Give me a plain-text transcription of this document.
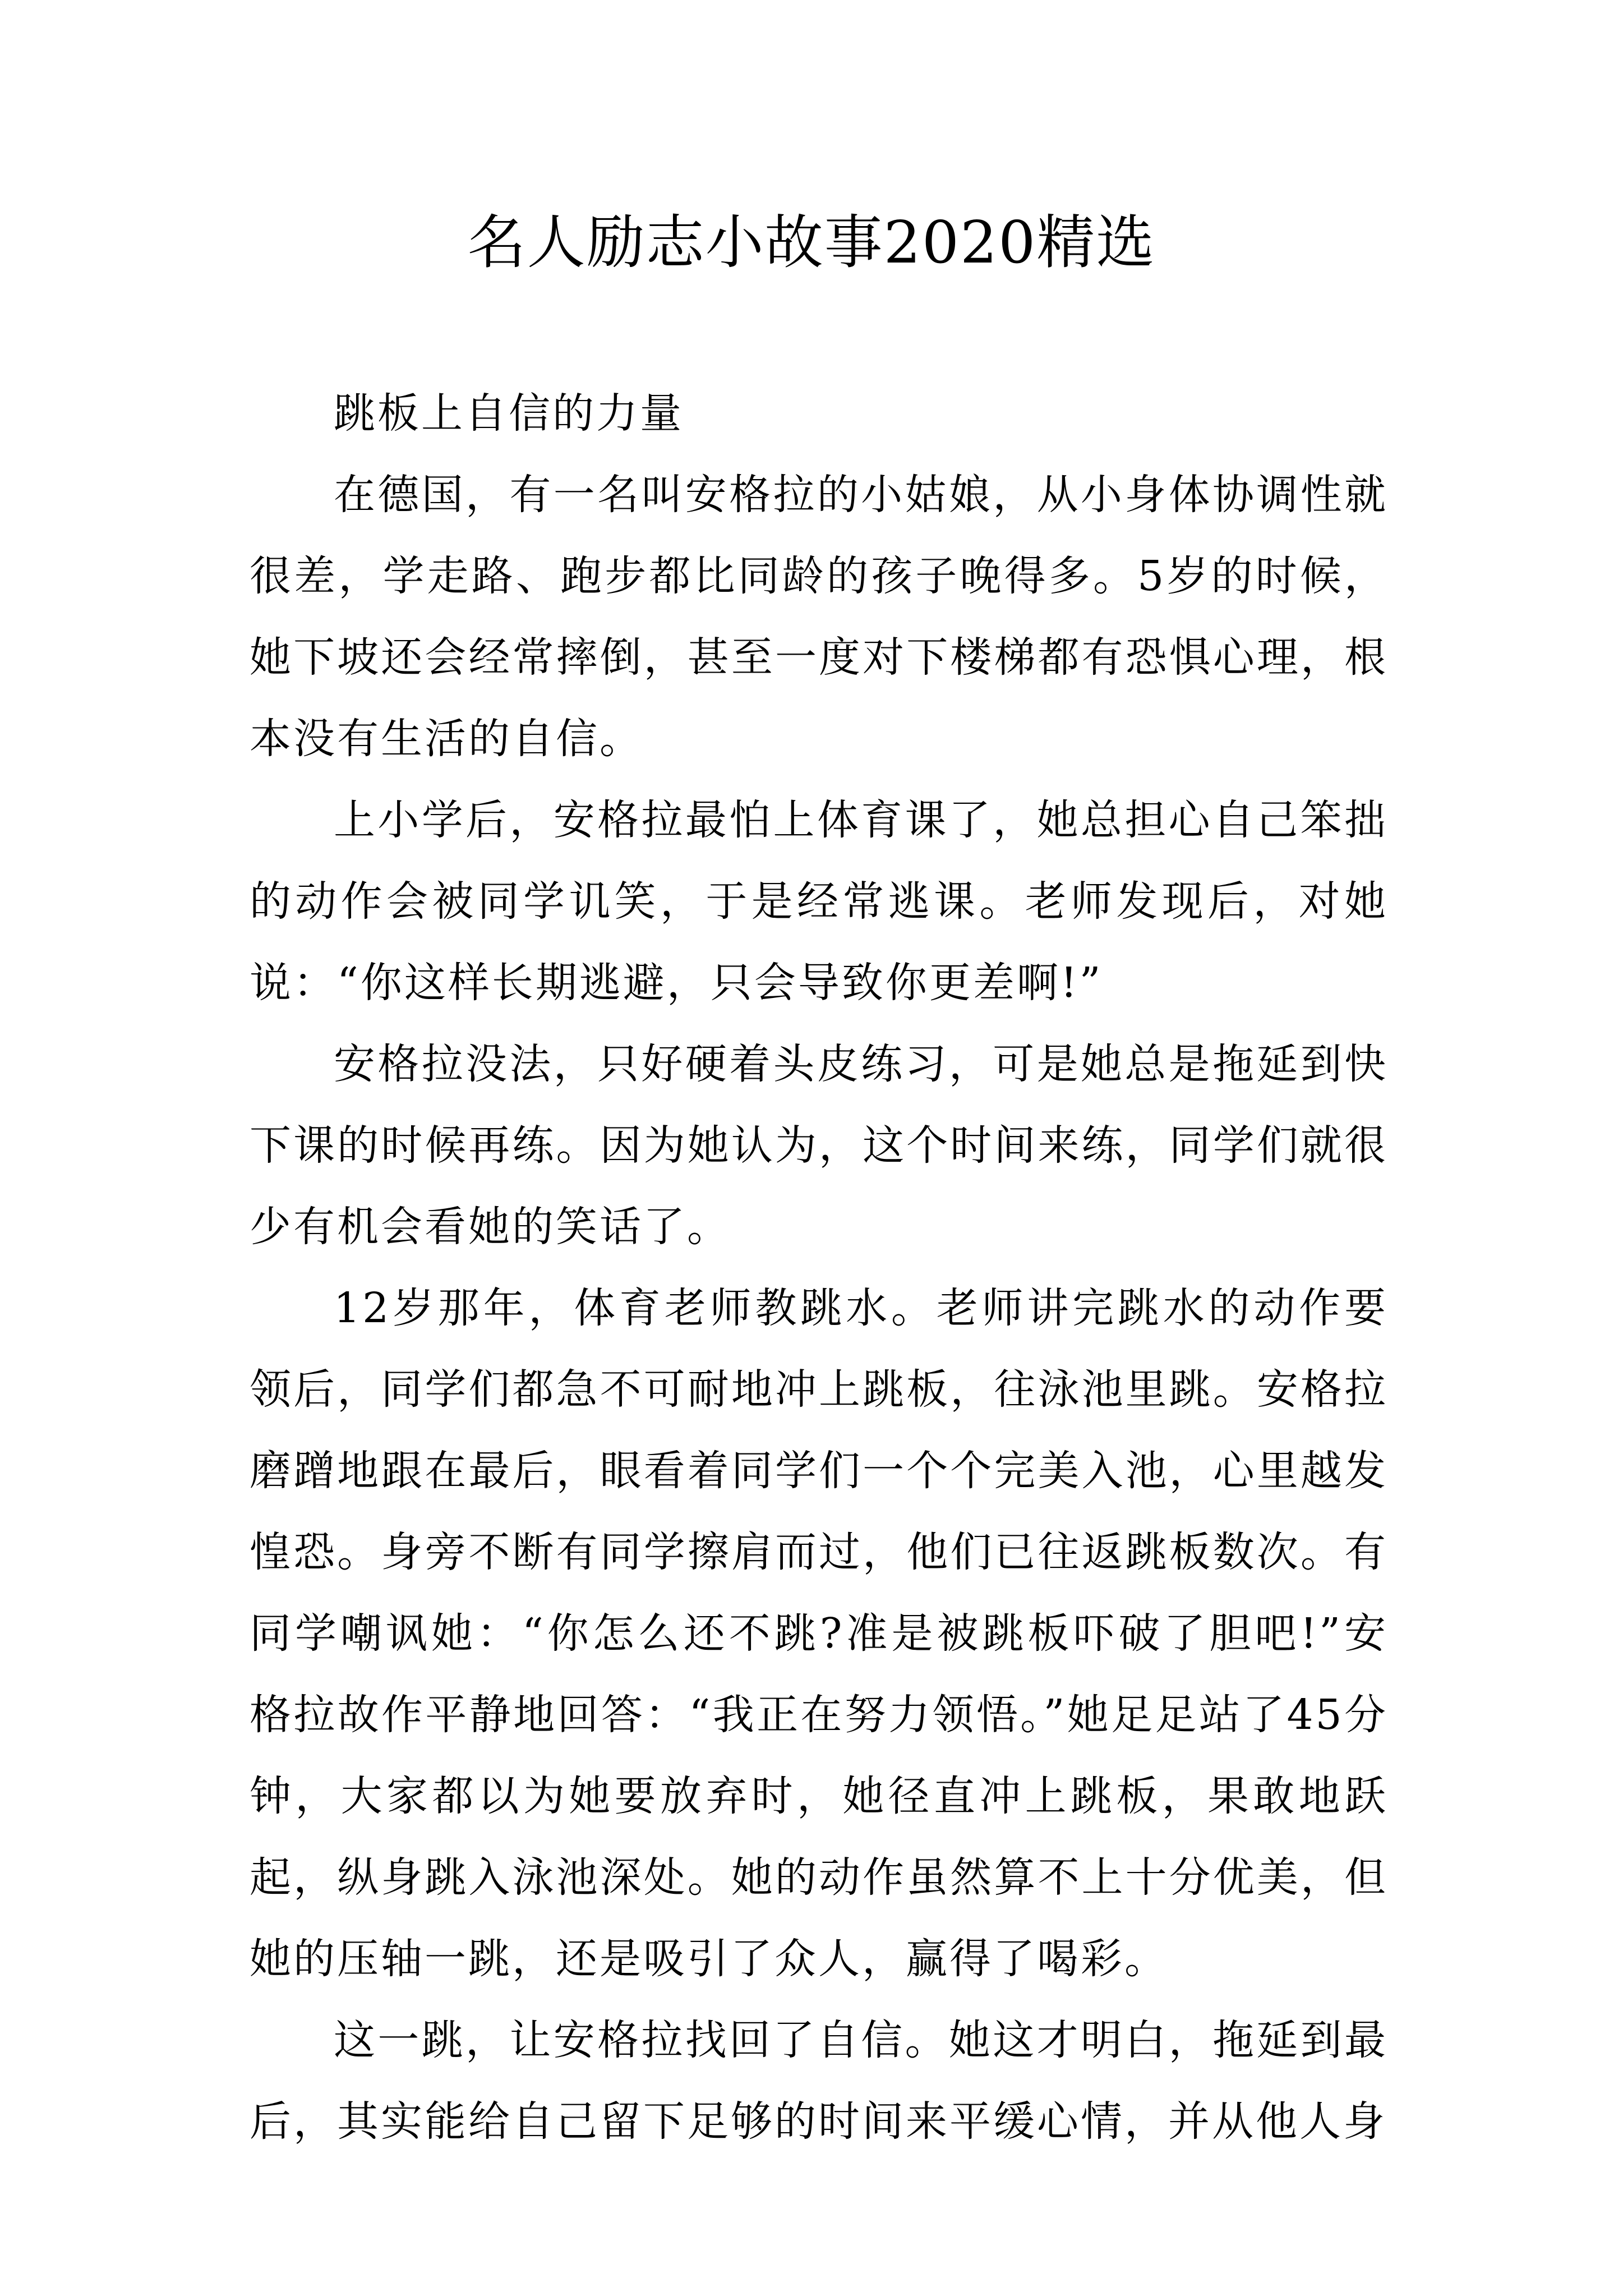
名人励志小故事2020精选

跳板上自信的力量

在德国，有一名叫安格拉的小姑娘，从小身体协调性就很差，学走路、跑步都比同龄的孩子晚得多。5岁的时候，她下坡还会经常摔倒，甚至一度对下楼梯都有恐惧心理，根本没有生活的自信。

上小学后，安格拉最怕上体育课了，她总担心自己笨拙的动作会被同学讥笑，于是经常逃课。老师发现后，对她说：“你这样长期逃避，只会导致你更差啊!”

安格拉没法，只好硬着头皮练习，可是她总是拖延到快下课的时候再练。因为她认为，这个时间来练，同学们就很少有机会看她的笑话了。

12岁那年，体育老师教跳水。老师讲完跳水的动作要领后，同学们都急不可耐地冲上跳板，往泳池里跳。安格拉磨蹭地跟在最后，眼看着同学们一个个完美入池，心里越发惶恐。身旁不断有同学擦肩而过，他们已往返跳板数次。有同学嘲讽她：“你怎么还不跳?准是被跳板吓破了胆吧!”安格拉故作平静地回答：“我正在努力领悟。”她足足站了45分钟，大家都以为她要放弃时，她径直冲上跳板，果敢地跃起，纵身跳入泳池深处。她的动作虽然算不上十分优美，但她的压轴一跳，还是吸引了众人，赢得了喝彩。

这一跳，让安格拉找回了自信。她这才明白，拖延到最后，其实能给自己留下足够的时间来平缓心情，并从他人身
